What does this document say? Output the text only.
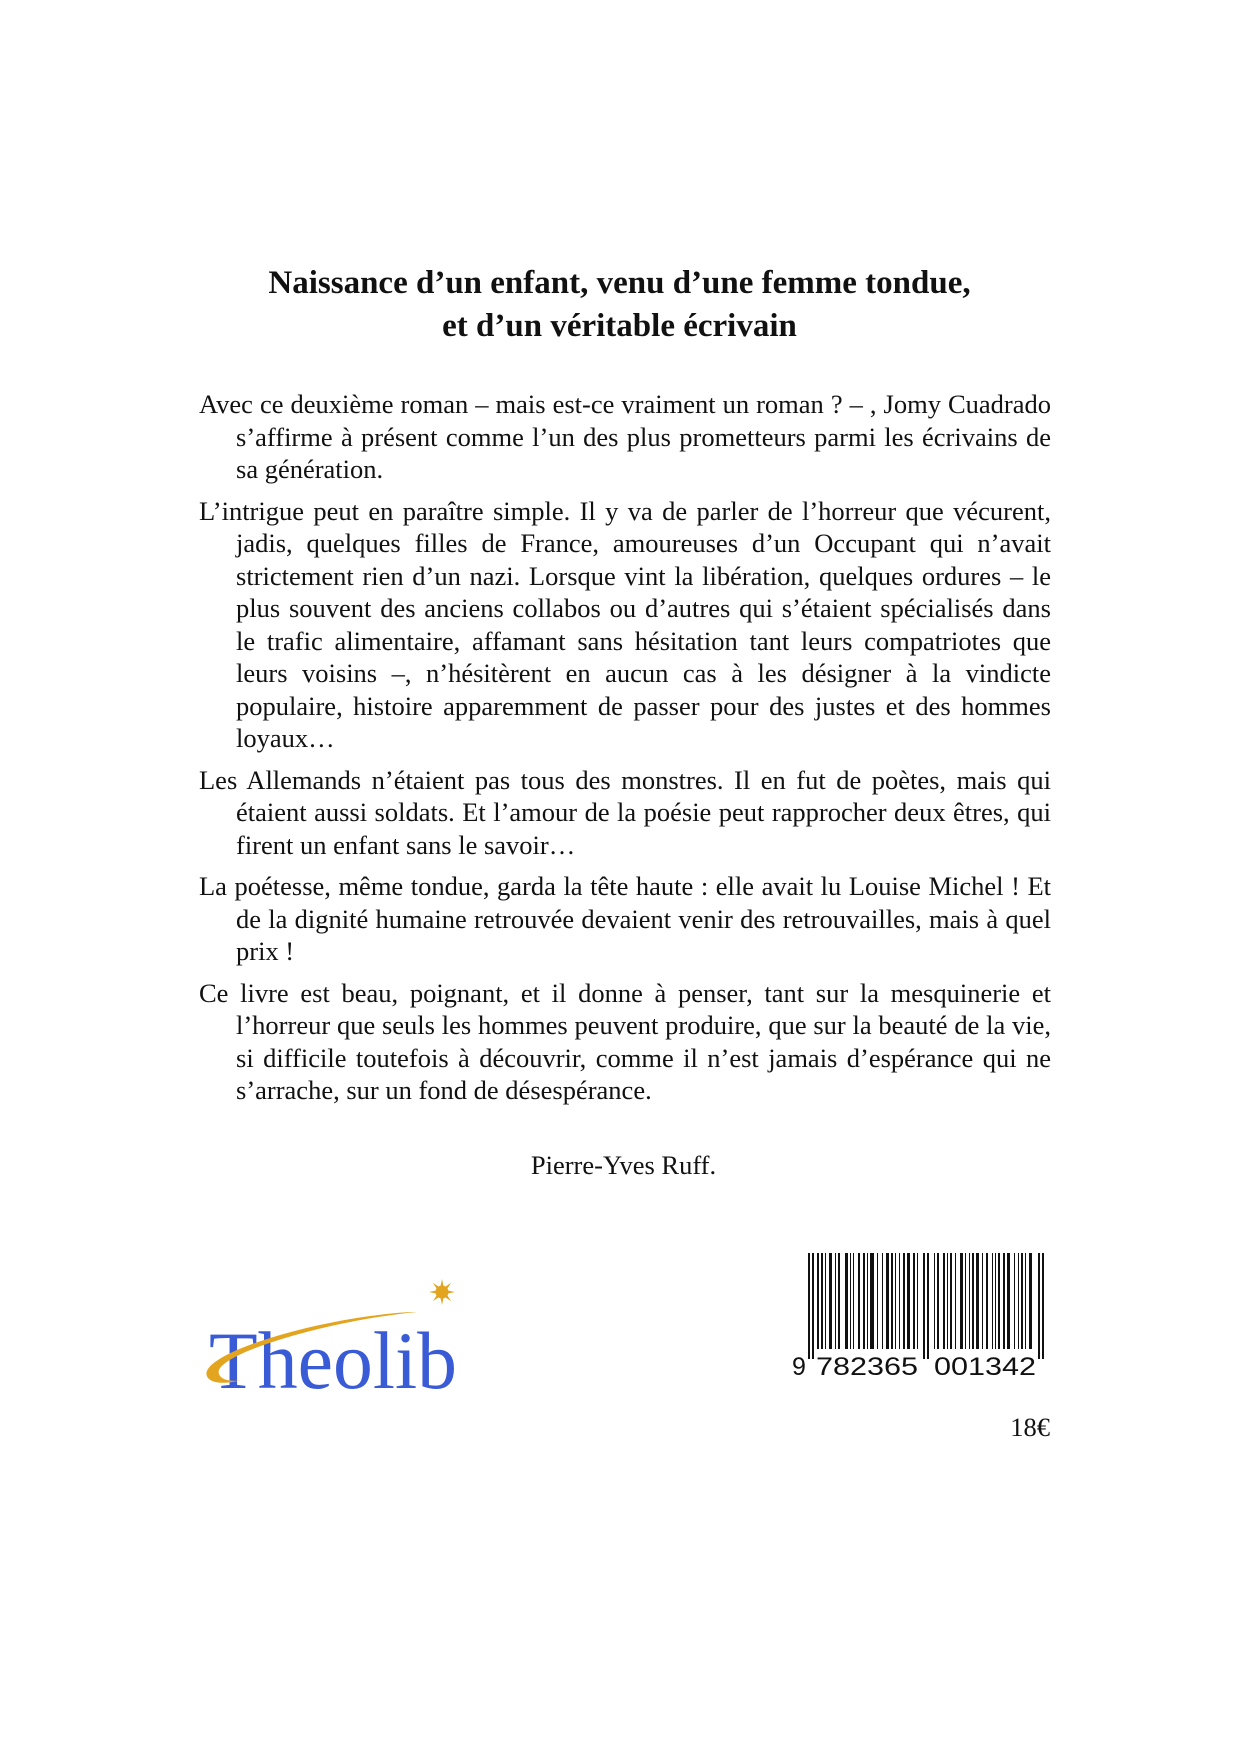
Naissance d’un enfant, venu d’une femme tondue,
et d’un véritable écrivain

Avec ce deuxième roman – mais est-ce vraiment un roman ? – , Jomy Cuadrado s’affirme à présent comme l’un des plus prometteurs parmi les écrivains de sa génération.

L’intrigue peut en paraître simple. Il y va de parler de l’horreur que vécurent, jadis, quelques filles de France, amoureuses d’un Occupant qui n’avait strictement rien d’un nazi. Lorsque vint la libération, quelques ordures – le plus souvent des anciens collabos ou d’autres qui s’étaient spécialisés dans le trafic alimentaire, affamant sans hésitation tant leurs compatriotes que leurs voisins –, n’hésitèrent en aucun cas à les désigner à la vindicte populaire, histoire apparemment de passer pour des justes et des hommes loyaux…

Les Allemands n’étaient pas tous des monstres. Il en fut de poètes, mais qui étaient aussi soldats. Et l’amour de la poésie peut rapprocher deux êtres, qui firent un enfant sans le savoir…

La poétesse, même tondue, garda la tête haute : elle avait lu Louise Michel ! Et de la dignité humaine retrouvée devaient venir des retrouvailles, mais à quel prix !

Ce livre est beau, poignant, et il donne à penser, tant sur la mesquinerie et l’horreur que seuls les hommes peuvent produire, que sur la beauté de la vie, si difficile toutefois à découvrir, comme il n’est jamais d’espérance qui ne s’arrache, sur un fond de désespérance.

Pierre-Yves Ruff.
Theolib	9 782365 001342
18€
